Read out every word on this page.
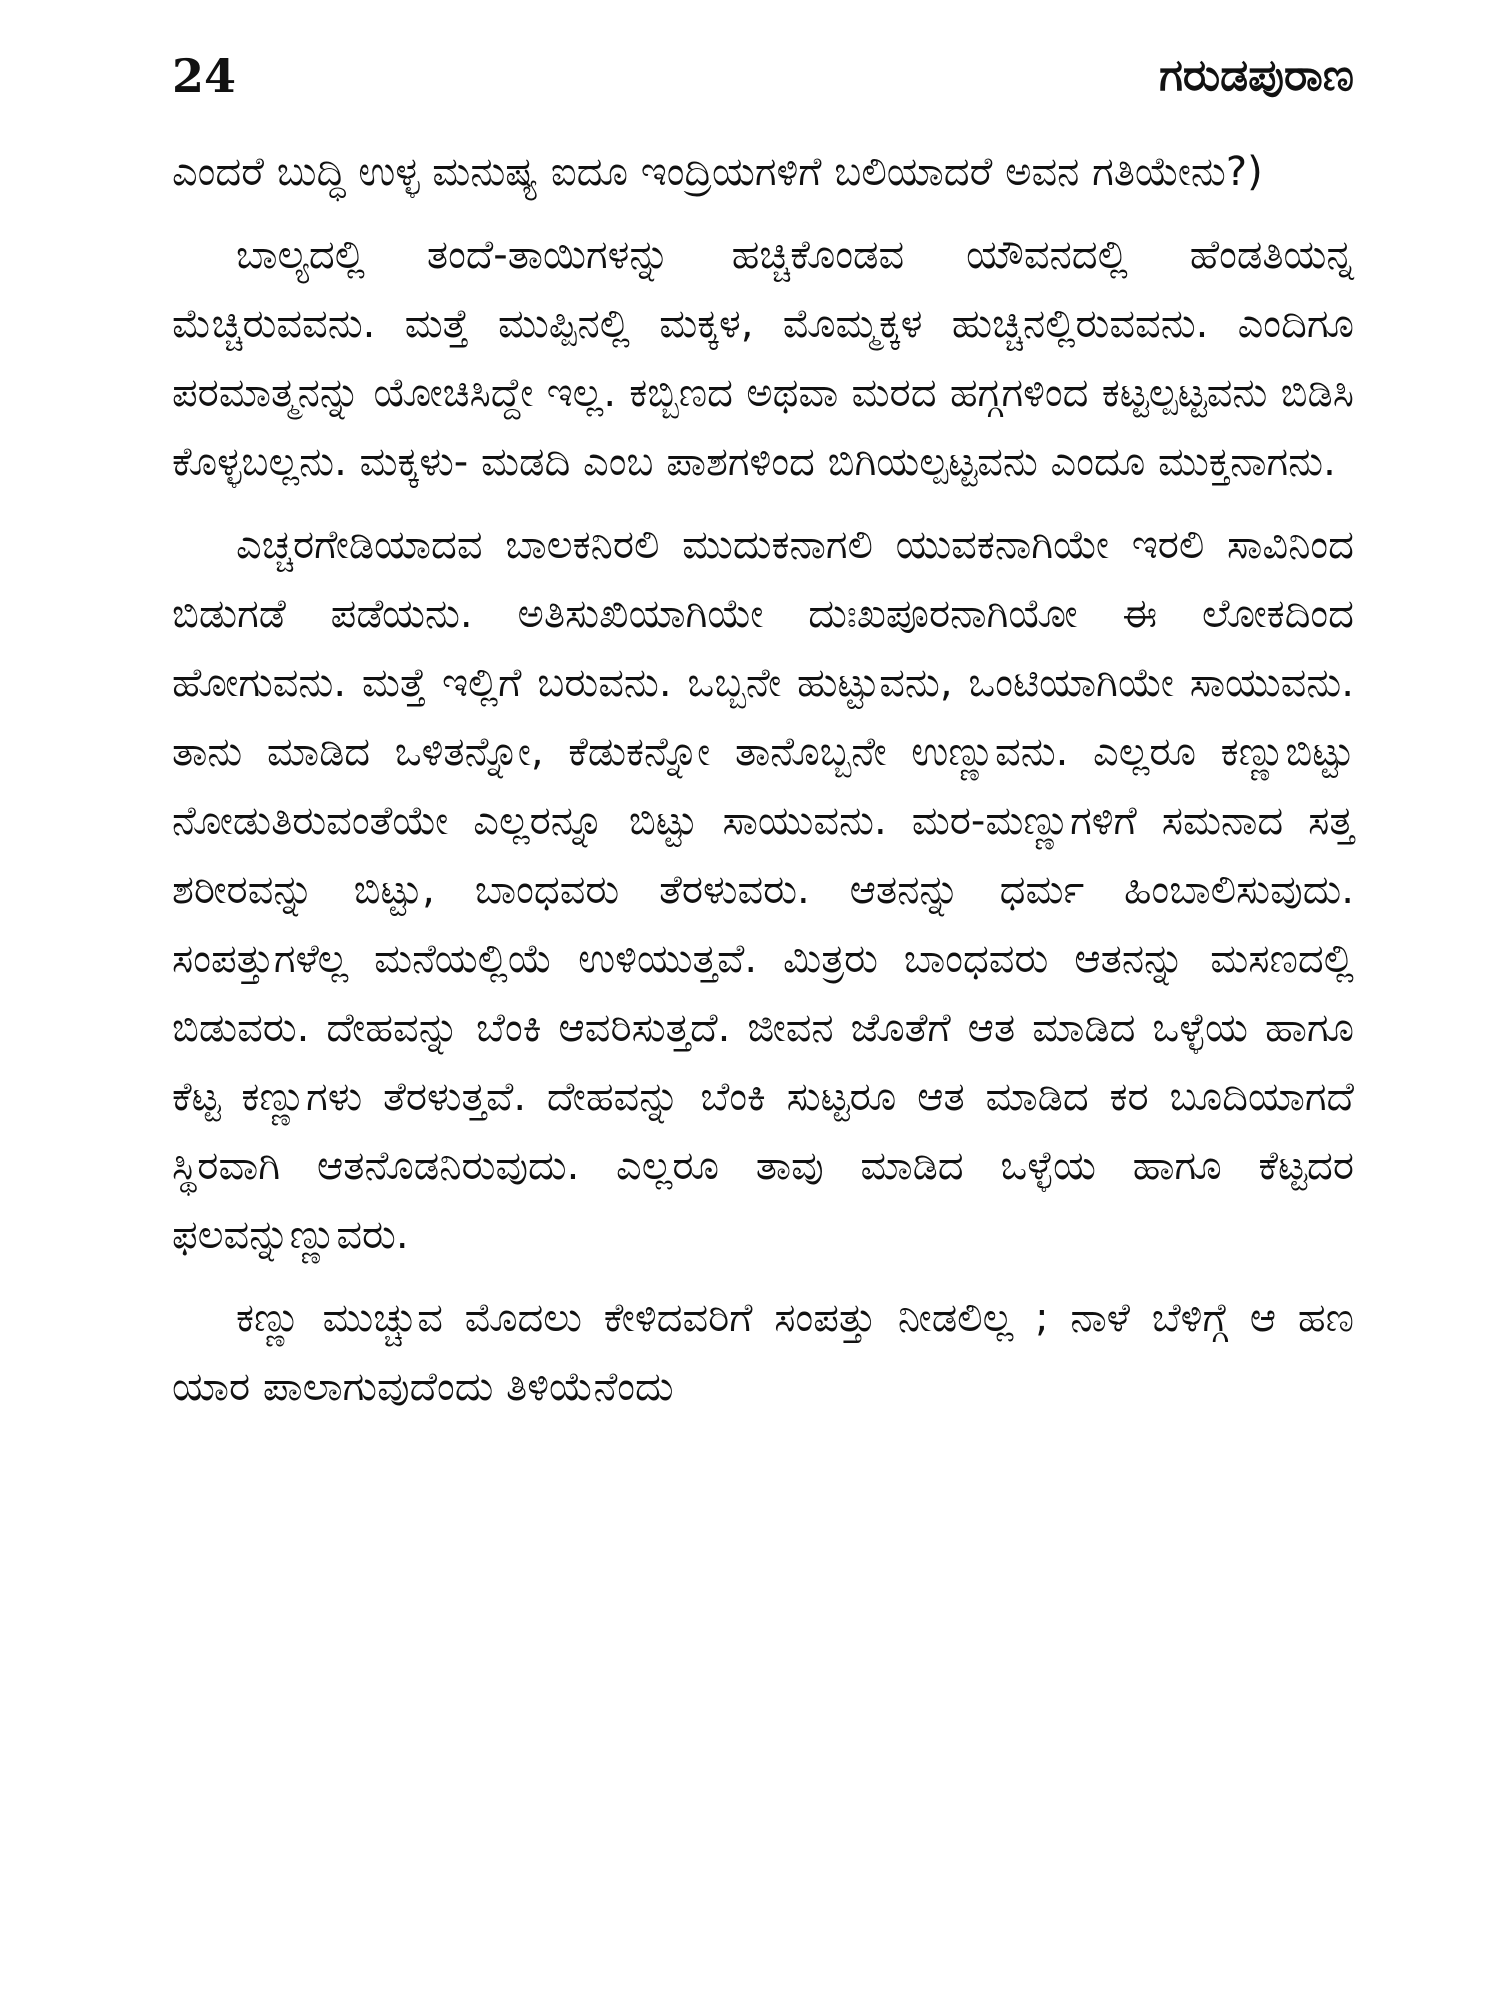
24	ಗರುಡಪುರಾಣ

ಎಂದರೆ ಬುದ್ಧಿ ಉಳ್ಳ ಮನುಷ್ಯ ಐದೂ ಇಂದ್ರಿಯಗಳಿಗೆ ಬಲಿಯಾದರೆ ಅವನ ಗತಿಯೇನು?)

ಬಾಲ್ಯದಲ್ಲಿ ತಂದೆ-ತಾಯಿಗಳನ್ನು ಹಚ್ಚಿಕೊಂಡವ ಯೌವನದಲ್ಲಿ ಹೆಂಡತಿಯನ್ನ ಮೆಚ್ಚಿರುವವನು. ಮತ್ತೆ ಮುಪ್ಪಿನಲ್ಲಿ ಮಕ್ಕಳ, ಮೊಮ್ಮಕ್ಕಳ ಹುಚ್ಚಿನಲ್ಲಿರುವವನು. ಎಂದಿಗೂ ಪರಮಾತ್ಮನನ್ನು ಯೋಚಿಸಿದ್ದೇ ಇಲ್ಲ. ಕಬ್ಬಿಣದ ಅಥವಾ ಮರದ ಹಗ್ಗಗಳಿಂದ ಕಟ್ಟಲ್ಪಟ್ಟವನು ಬಿಡಿಸಿ ಕೊಳ್ಳಬಲ್ಲನು. ಮಕ್ಕಳು- ಮಡದಿ ಎಂಬ ಪಾಶಗಳಿಂದ ಬಿಗಿಯಲ್ಪಟ್ಟವನು ಎಂದೂ ಮುಕ್ತನಾಗನು.

ಎಚ್ಚರಗೇಡಿಯಾದವ ಬಾಲಕನಿರಲಿ ಮುದುಕನಾಗಲಿ ಯುವಕನಾಗಿಯೇ ಇರಲಿ ಸಾವಿನಿಂದ ಬಿಡುಗಡೆ ಪಡೆಯನು. ಅತಿಸುಖಿಯಾಗಿಯೇ ದುಃಖಪೂರನಾಗಿಯೋ ಈ ಲೋಕದಿಂದ ಹೋಗುವನು. ಮತ್ತೆ ಇಲ್ಲಿಗೆ ಬರುವನು. ಒಬ್ಬನೇ ಹುಟ್ಟುವನು, ಒಂಟಿಯಾಗಿಯೇ ಸಾಯುವನು. ತಾನು ಮಾಡಿದ ಒಳಿತನ್ನೋ, ಕೆಡುಕನ್ನೋ ತಾನೊಬ್ಬನೇ ಉಣ್ಣುವನು. ಎಲ್ಲರೂ ಕಣ್ಣುಬಿಟ್ಟು ನೋಡುತಿರುವಂತೆಯೇ ಎಲ್ಲರನ್ನೂ ಬಿಟ್ಟು ಸಾಯುವನು. ಮರ-ಮಣ್ಣುಗಳಿಗೆ ಸಮನಾದ ಸತ್ತ ಶರೀರವನ್ನು ಬಿಟ್ಟು, ಬಾಂಧವರು ತೆರಳುವರು. ಆತನನ್ನು ಧರ್ಮ ಹಿಂಬಾಲಿಸುವುದು. ಸಂಪತ್ತುಗಳೆಲ್ಲ ಮನೆಯಲ್ಲಿಯೆ ಉಳಿಯುತ್ತವೆ. ಮಿತ್ರರು ಬಾಂಧವರು ಆತನನ್ನು ಮಸಣದಲ್ಲಿ ಬಿಡುವರು. ದೇಹವನ್ನು ಬೆಂಕಿ ಆವರಿಸುತ್ತದೆ. ಜೀವನ ಜೊತೆಗೆ ಆತ ಮಾಡಿದ ಒಳ್ಳೆಯ ಹಾಗೂ ಕೆಟ್ಟ ಕಣ್ಣುಗಳು ತೆರಳುತ್ತವೆ. ದೇಹವನ್ನು ಬೆಂಕಿ ಸುಟ್ಟರೂ ಆತ ಮಾಡಿದ ಕರ ಬೂದಿಯಾಗದೆ ಸ್ಥಿರವಾಗಿ ಆತನೊಡನಿರುವುದು. ಎಲ್ಲರೂ ತಾವು ಮಾಡಿದ ಒಳ್ಳೆಯ ಹಾಗೂ ಕೆಟ್ಟದರ ಫಲವನ್ನುಣ್ಣುವರು.

ಕಣ್ಣು ಮುಚ್ಚುವ ಮೊದಲು ಕೇಳಿದವರಿಗೆ ಸಂಪತ್ತು ನೀಡಲಿಲ್ಲ ; ನಾಳೆ ಬೆಳಿಗ್ಗೆ ಆ ಹಣ ಯಾರ ಪಾಲಾಗುವುದೆಂದು ತಿಳಿಯೆನೆಂದು
